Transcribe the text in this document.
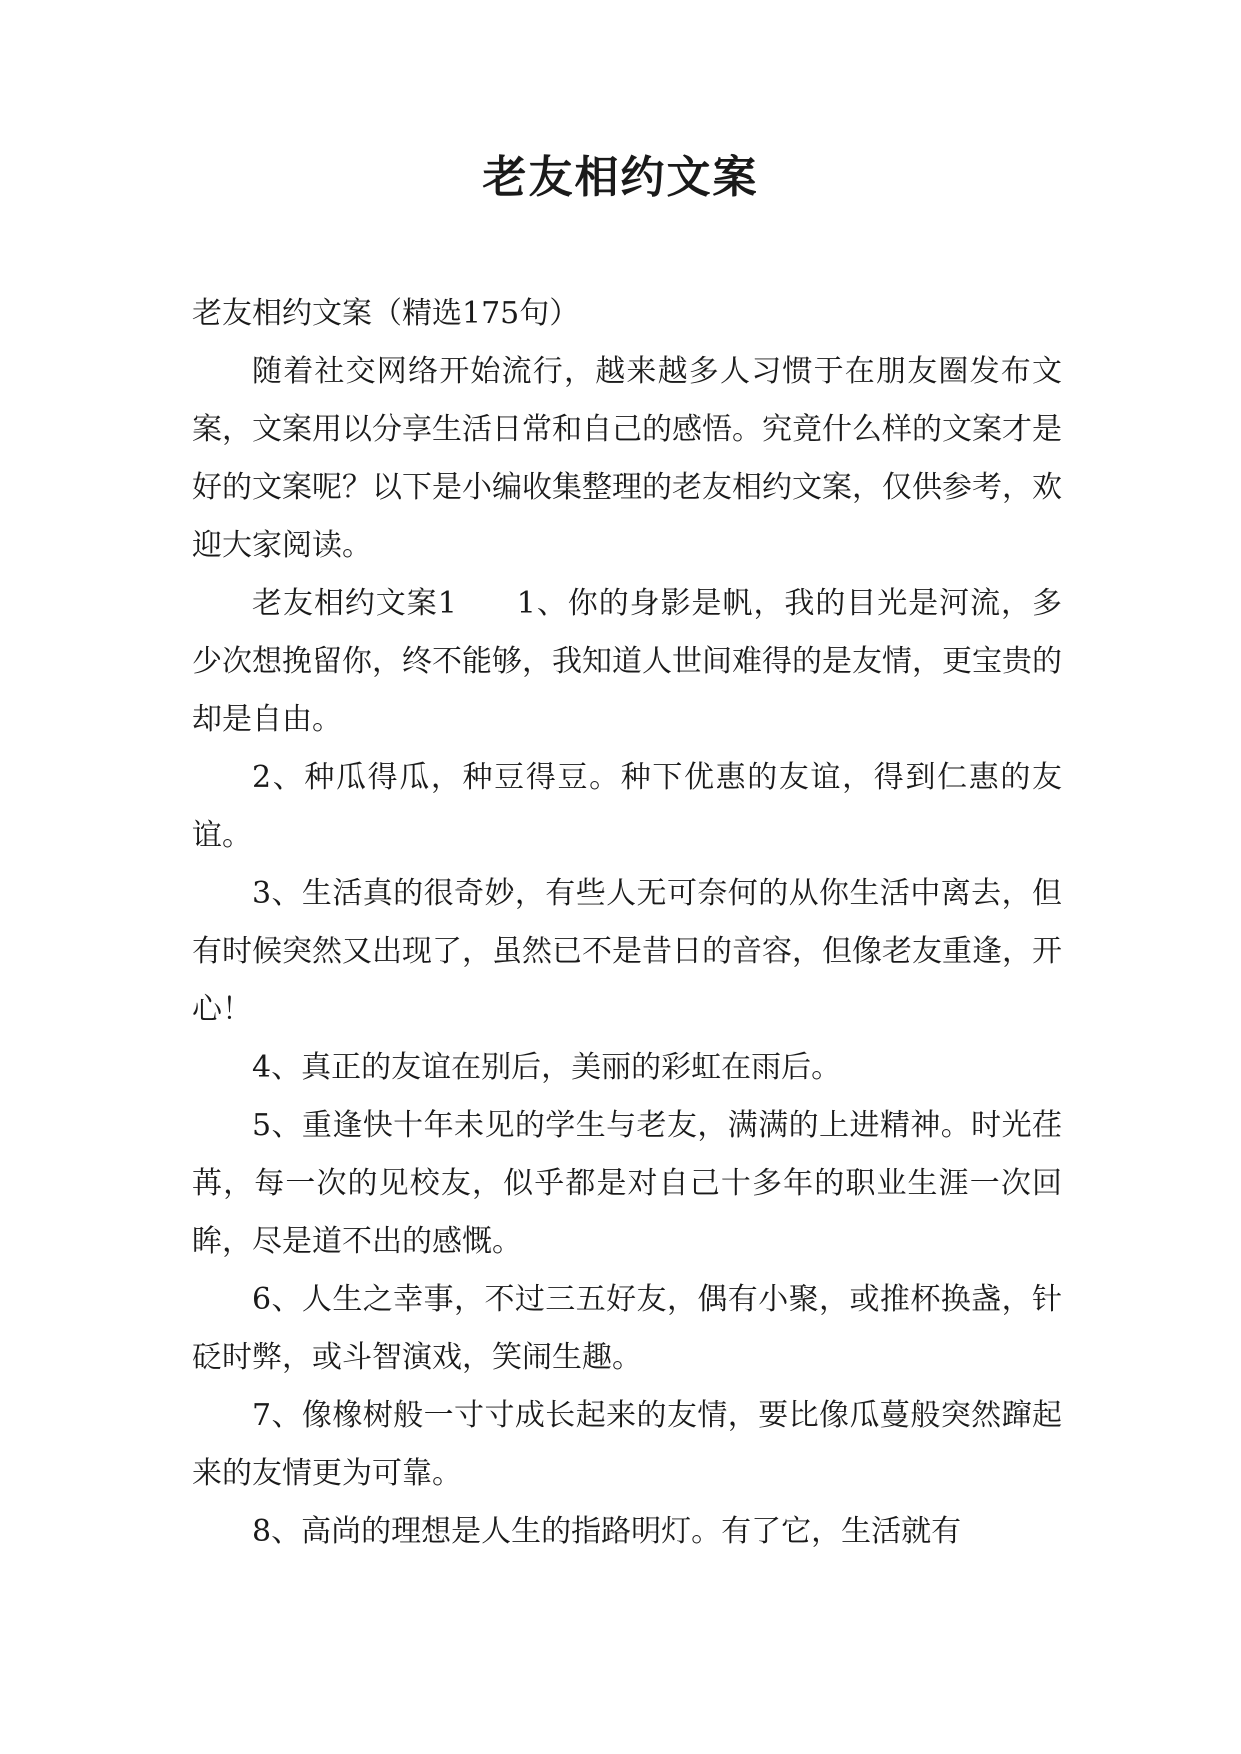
老友相约文案

老友相约文案（精选175句）

随着社交网络开始流行，越来越多人习惯于在朋友圈发布文案，文案用以分享生活日常和自己的感悟。究竟什么样的文案才是好的文案呢？以下是小编收集整理的老友相约文案，仅供参考，欢迎大家阅读。

老友相约文案1 1、你的身影是帆，我的目光是河流，多少次想挽留你，终不能够，我知道人世间难得的是友情，更宝贵的却是自由。

2、种瓜得瓜，种豆得豆。种下优惠的友谊，得到仁惠的友谊。

3、生活真的很奇妙，有些人无可奈何的从你生活中离去，但有时候突然又出现了，虽然已不是昔日的音容，但像老友重逢，开心！

4、真正的友谊在别后，美丽的彩虹在雨后。

5、重逢快十年未见的学生与老友，满满的上进精神。时光荏苒，每一次的见校友，似乎都是对自己十多年的职业生涯一次回眸，尽是道不出的感慨。

6、人生之幸事，不过三五好友，偶有小聚，或推杯换盏，针砭时弊，或斗智演戏，笑闹生趣。

7、像橡树般一寸寸成长起来的友情，要比像瓜蔓般突然蹿起来的友情更为可靠。

8、高尚的理想是人生的指路明灯。有了它，生活就有
